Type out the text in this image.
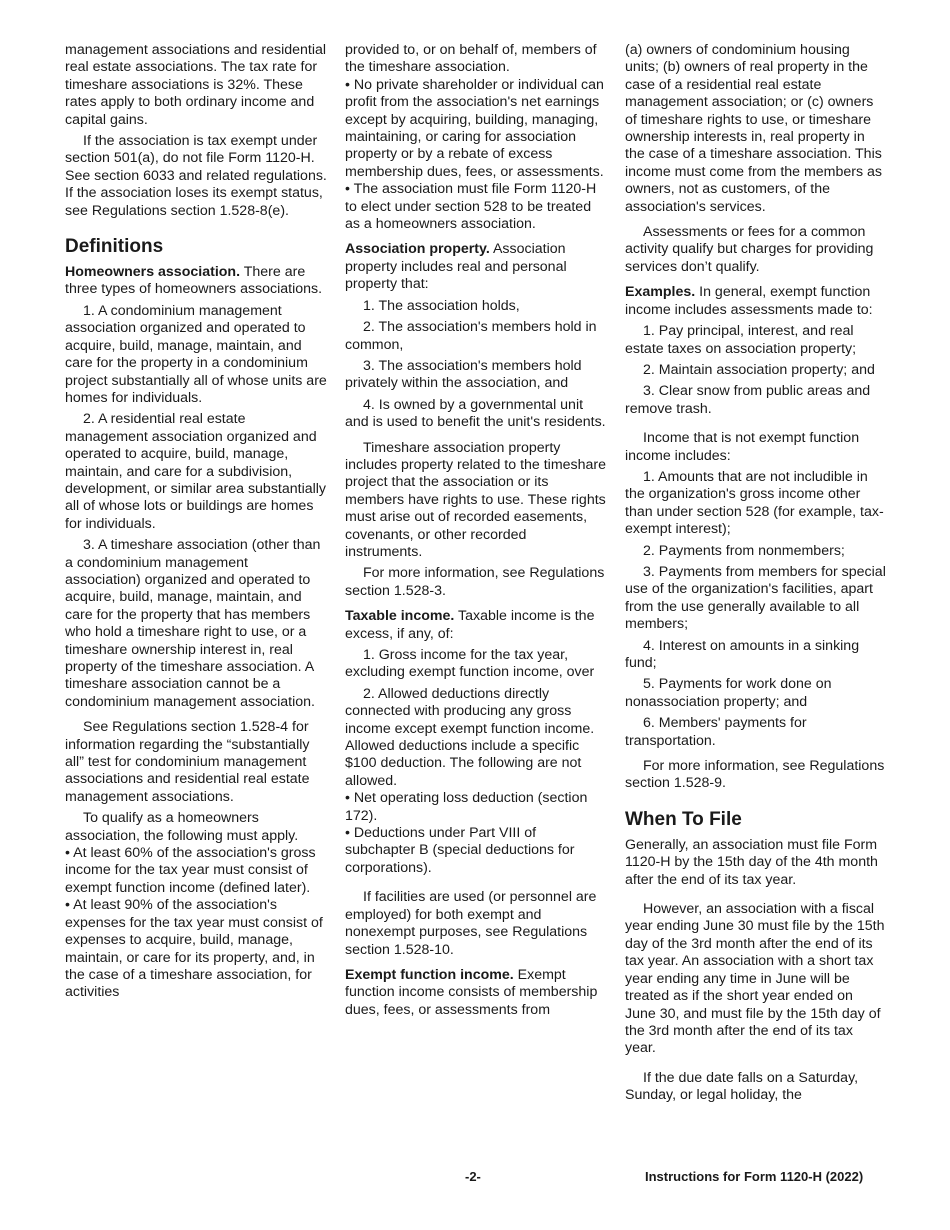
management associations and residential real estate associations. The tax rate for timeshare associations is 32%. These rates apply to both ordinary income and capital gains.

If the association is tax exempt under section 501(a), do not file Form 1120-H. See section 6033 and related regulations. If the association loses its exempt status, see Regulations section 1.528-8(e).

Definitions

Homeowners association. There are three types of homeowners associations.

1. A condominium management association organized and operated to acquire, build, manage, maintain, and care for the property in a condominium project substantially all of whose units are homes for individuals.

2. A residential real estate management association organized and operated to acquire, build, manage, maintain, and care for a subdivision, development, or similar area substantially all of whose lots or buildings are homes for individuals.

3. A timeshare association (other than a condominium management association) organized and operated to acquire, build, manage, maintain, and care for the property that has members who hold a timeshare right to use, or a timeshare ownership interest in, real property of the timeshare association. A timeshare association cannot be a condominium management association.

See Regulations section 1.528-4 for information regarding the “substantially all” test for condominium management associations and residential real estate management associations.

To qualify as a homeowners association, the following must apply.

• At least 60% of the association's gross income for the tax year must consist of exempt function income (defined later).

• At least 90% of the association's expenses for the tax year must consist of expenses to acquire, build, manage, maintain, or care for its property, and, in the case of a timeshare association, for activities

provided to, or on behalf of, members of the timeshare association.

• No private shareholder or individual can profit from the association's net earnings except by acquiring, building, managing, maintaining, or caring for association property or by a rebate of excess membership dues, fees, or assessments.

• The association must file Form 1120-H to elect under section 528 to be treated as a homeowners association.

Association property. Association property includes real and personal property that:

1. The association holds,

2. The association's members hold in common,

3. The association's members hold privately within the association, and

4. Is owned by a governmental unit and is used to benefit the unit's residents.

Timeshare association property includes property related to the timeshare project that the association or its members have rights to use. These rights must arise out of recorded easements, covenants, or other recorded instruments.

For more information, see Regulations section 1.528-3.

Taxable income. Taxable income is the excess, if any, of:

1. Gross income for the tax year, excluding exempt function income, over

2. Allowed deductions directly connected with producing any gross income except exempt function income. Allowed deductions include a specific $100 deduction. The following are not allowed.

• Net operating loss deduction (section 172).

• Deductions under Part VIII of subchapter B (special deductions for corporations).

If facilities are used (or personnel are employed) for both exempt and nonexempt purposes, see Regulations section 1.528-10.

Exempt function income. Exempt function income consists of membership dues, fees, or assessments from

(a) owners of condominium housing units; (b) owners of real property in the case of a residential real estate management association; or (c) owners of timeshare rights to use, or timeshare ownership interests in, real property in the case of a timeshare association. This income must come from the members as owners, not as customers, of the association's services.

Assessments or fees for a common activity qualify but charges for providing services don’t qualify.

Examples. In general, exempt function income includes assessments made to:

1. Pay principal, interest, and real estate taxes on association property;

2. Maintain association property; and

3. Clear snow from public areas and remove trash.

Income that is not exempt function income includes:

1. Amounts that are not includible in the organization's gross income other than under section 528 (for example, tax-exempt interest);

2. Payments from nonmembers;

3. Payments from members for special use of the organization's facilities, apart from the use generally available to all members;

4. Interest on amounts in a sinking fund;

5. Payments for work done on nonassociation property; and

6. Members' payments for transportation.

For more information, see Regulations section 1.528-9.

When To File

Generally, an association must file Form 1120-H by the 15th day of the 4th month after the end of its tax year.

However, an association with a fiscal year ending June 30 must file by the 15th day of the 3rd month after the end of its tax year. An association with a short tax year ending any time in June will be treated as if the short year ended on June 30, and must file by the 15th day of the 3rd month after the end of its tax year.

If the due date falls on a Saturday, Sunday, or legal holiday, the

-2-	Instructions for Form 1120-H (2022)
